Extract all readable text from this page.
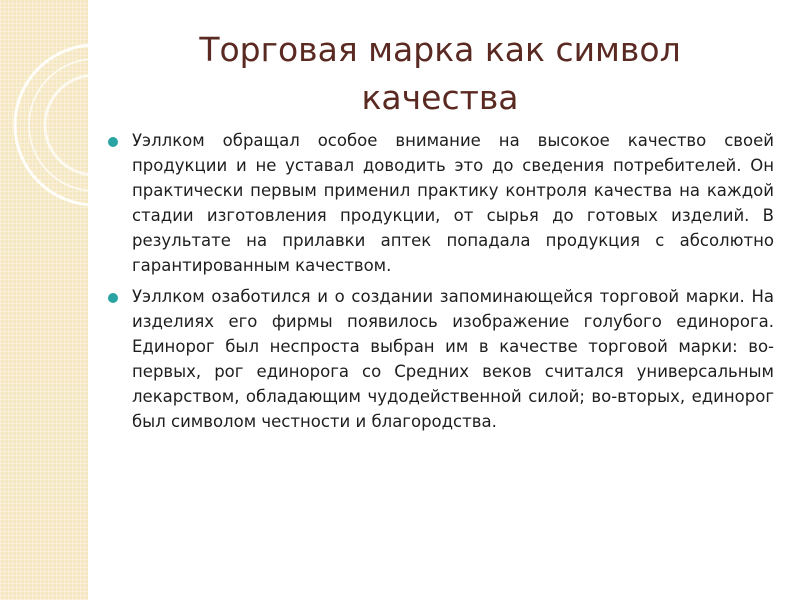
Торговая марка как символ качества
Уэллком обращал особое внимание на высокое качество своей продукции и не уставал доводить это до сведения потребителей. Он практически первым применил практику контроля качества на каждой стадии изготовления продукции, от сырья до готовых изделий. В результате на прилавки аптек попадала продукция с абсолютно гарантированным качеством.
Уэллком озаботился и о создании запоминающейся торговой марки. На изделиях его фирмы появилось изображение голубого единорога. Единорог был неспроста выбран им в качестве торговой марки: во-первых, рог единорога со Средних веков считался универсальным лекарством, обладающим чудодейственной силой; во-вторых, единорог был символом честности и благородства.
